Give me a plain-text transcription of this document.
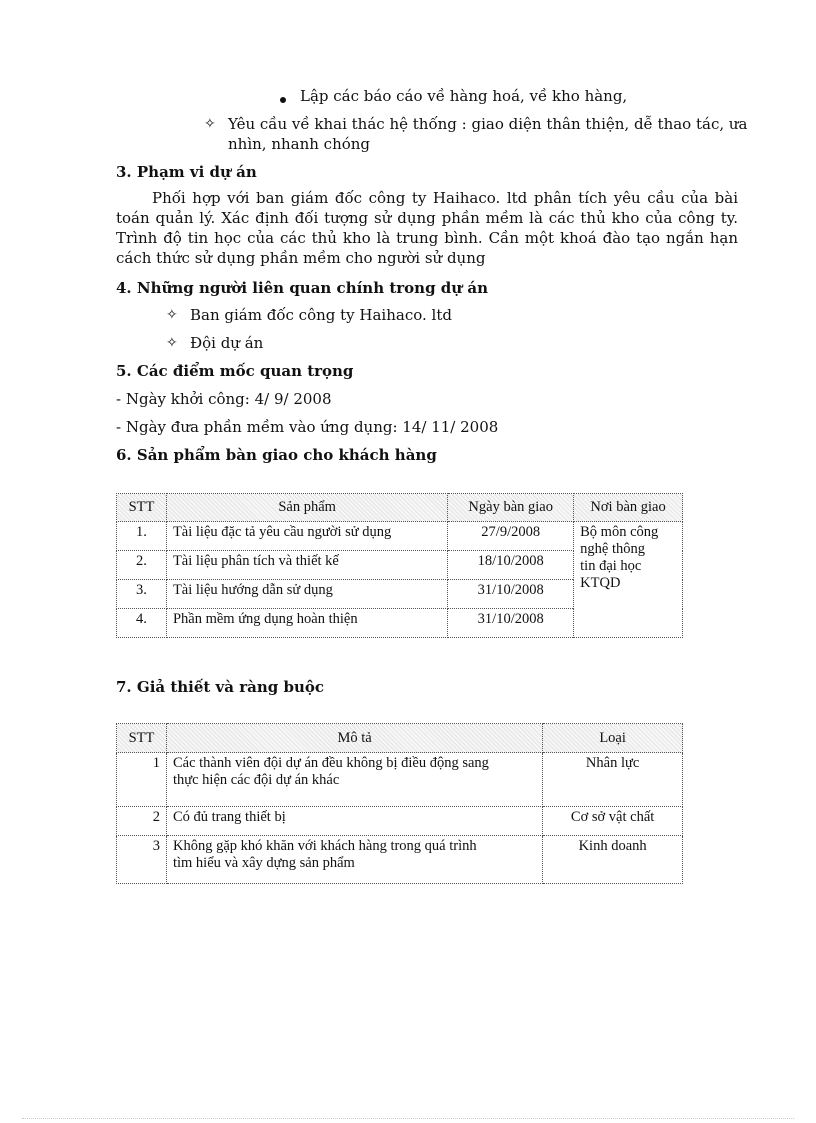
Lập các báo cáo về hàng hoá, về kho hàng,
✧ Yêu cầu về khai thác hệ thống : giao diện thân thiện, dễ thao tác, ưa
nhìn, nhanh chóng
3. Phạm vi dự án
Phối hợp với ban giám đốc công ty Haihaco. ltd phân tích yêu cầu của bài toán quản lý. Xác định đối tượng sử dụng phần mềm là các thủ kho của công ty. Trình độ tin học của các thủ kho là trung bình. Cần một khoá đào tạo ngắn hạn cách thức sử dụng phần mềm cho người sử dụng
4. Những người liên quan chính trong dự án
✧ Ban giám đốc công ty Haihaco. ltd
✧ Đội dự án
5. Các điểm mốc quan trọng
- Ngày khởi công: 4/ 9/ 2008
- Ngày đưa phần mềm vào ứng dụng: 14/ 11/ 2008
6. Sản phẩm bàn giao cho khách hàng
STT	Sản phẩm	Ngày bàn giao	Nơi bàn giao
1.	Tài liệu đặc tả yêu cầu người sử dụng	27/9/2008	Bộ môn công
nghệ thông
tin đại học
KTQD

2.	Tài liệu phân tích và thiết kế	18/10/2008	
3.	Tài liệu hướng dẫn sử dụng	31/10/2008	
4.	Phần mềm ứng dụng hoàn thiện	31/10/2008	
7. Giả thiết và ràng buộc
STT	Mô tả	Loại
1	Các thành viên đội dự án đều không bị điều động sang
thực hiện các đội dự án khác	Nhân lực
2	Có đủ trang thiết bị	Cơ sở vật chất
3	Không gặp khó khăn với khách hàng trong quá trình
tìm hiểu và xây dựng sản phẩm	Kinh doanh
